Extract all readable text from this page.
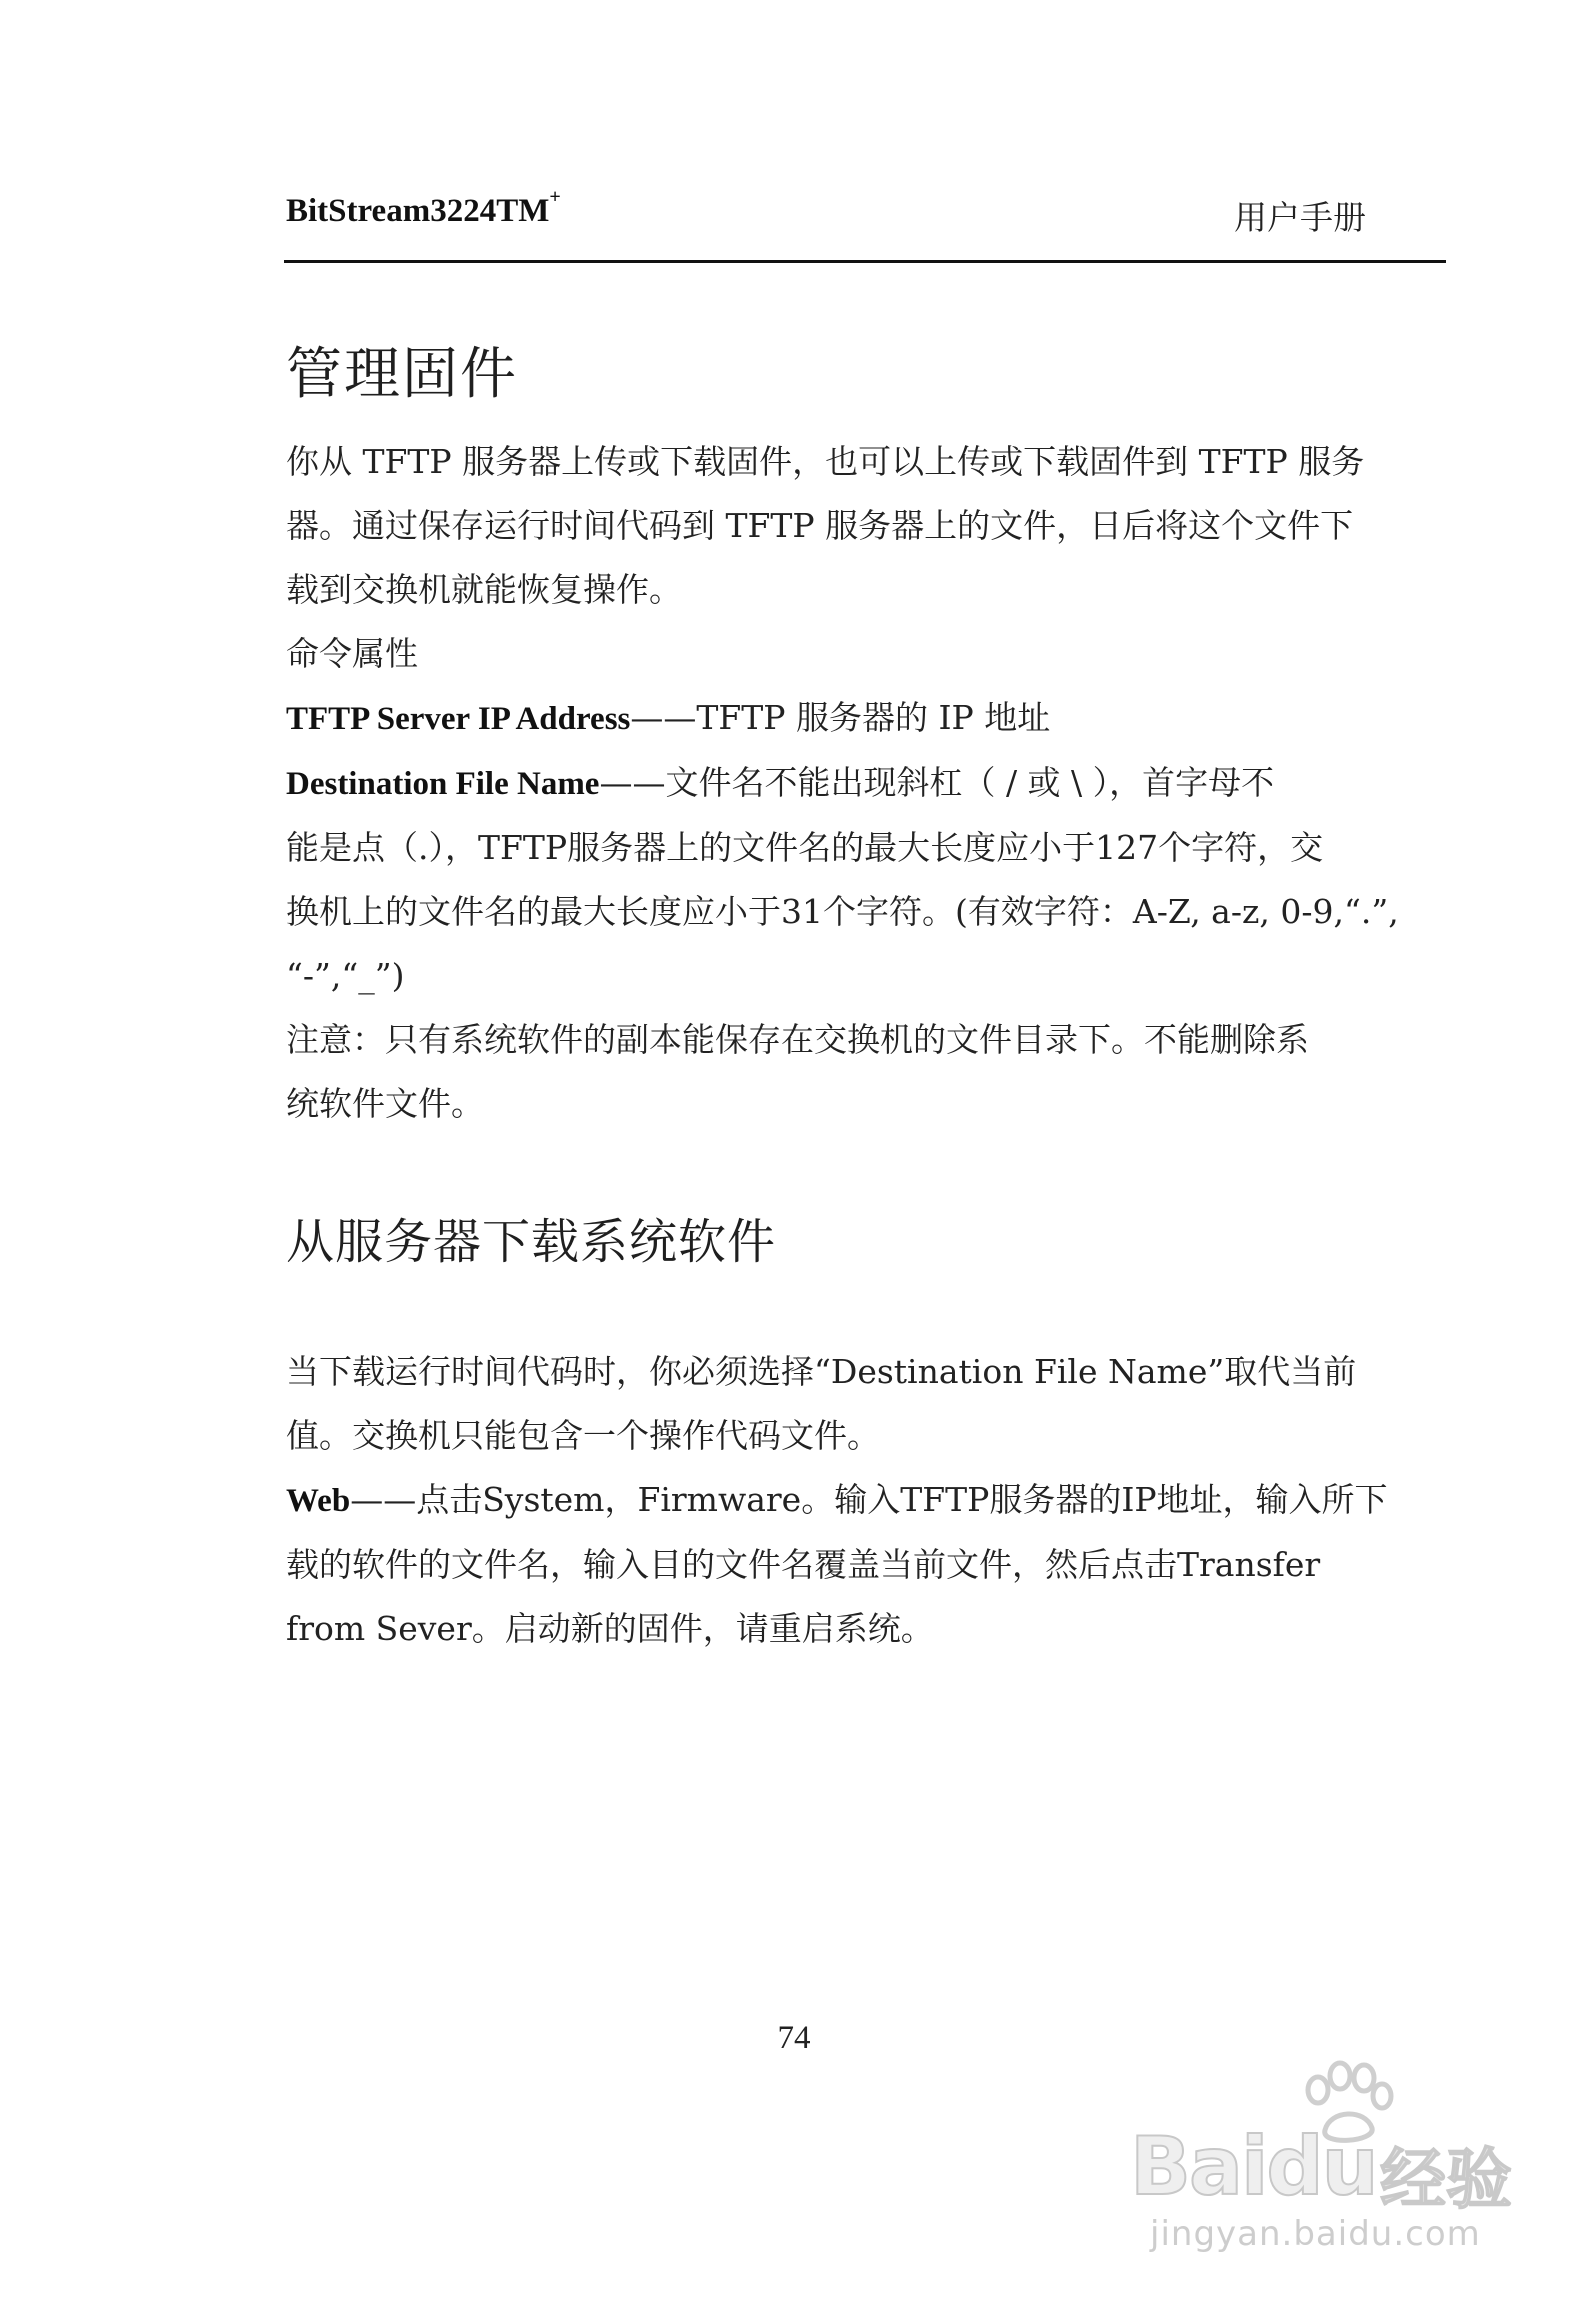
BitStream3224TM+
用户手册
管理固件
你从 TFTP 服务器上传或下载固件，也可以上传或下载固件到 TFTP 服务
器。通过保存运行时间代码到 TFTP 服务器上的文件，日后将这个文件下
载到交换机就能恢复操作。
命令属性
TFTP Server IP Address——TFTP 服务器的 IP 地址
Destination File Name——文件名不能出现斜杠（ / 或 \ ），首字母不
能是点（.），TFTP服务器上的文件名的最大长度应小于127个字符，交
换机上的文件名的最大长度应小于31个字符。(有效字符：A-Z, a-z, 0-9,“.”,
“-”,“_”)
注意：只有系统软件的副本能保存在交换机的文件目录下。不能删除系
统软件文件。
从服务器下载系统软件
当下载运行时间代码时，你必须选择“Destination File Name”取代当前
值。交换机只能包含一个操作代码文件。
Web——点击System，Firmware。输入TFTP服务器的IP地址，输入所下
载的软件的文件名，输入目的文件名覆盖当前文件，然后点击Transfer
from Sever。启动新的固件，请重启系统。
74
Baidu 经验
jingyan.baidu.com
